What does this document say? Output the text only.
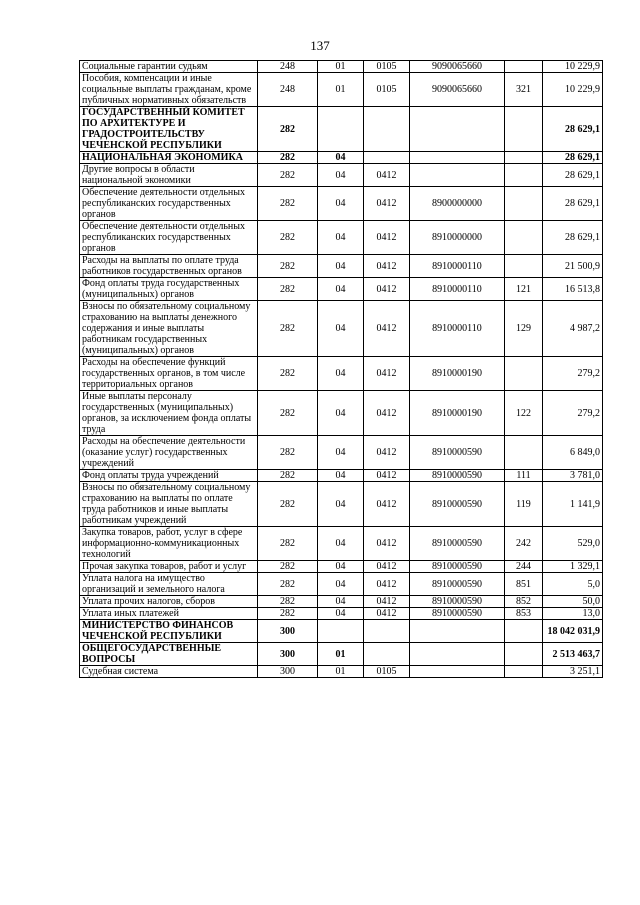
137
Социальные гарантии судьям	248	01	0105	9090065660		10 229,9
Пособия, компенсации и иные социальные выплаты гражданам, кроме публичных нормативных обязательств	248	01	0105	9090065660	321	10 229,9
ГОСУДАРСТВЕННЫЙ КОМИТЕТ ПО АРХИТЕКТУРЕ И ГРАДОСТРОИТЕЛЬСТВУ ЧЕЧЕНСКОЙ РЕСПУБЛИКИ	282					28 629,1
НАЦИОНАЛЬНАЯ ЭКОНОМИКА	282	04				28 629,1
Другие вопросы в области национальной экономики	282	04	0412			28 629,1
Обеспечение деятельности отдельных республиканских государственных органов	282	04	0412	8900000000		28 629,1
Обеспечение деятельности отдельных республиканских государственных органов	282	04	0412	8910000000		28 629,1
Расходы на выплаты по оплате труда работников государственных органов	282	04	0412	8910000110		21 500,9
Фонд оплаты труда государственных (муниципальных) органов	282	04	0412	8910000110	121	16 513,8
Взносы по обязательному социальному страхованию на выплаты денежного содержания и иные выплаты работникам государственных (муниципальных) органов	282	04	0412	8910000110	129	4 987,2
Расходы на обеспечение функций государственных органов, в том числе территориальных органов	282	04	0412	8910000190		279,2
Иные выплаты персоналу государственных (муниципальных) органов, за исключением фонда оплаты труда	282	04	0412	8910000190	122	279,2
Расходы на обеспечение деятельности (оказание услуг) государственных учреждений	282	04	0412	8910000590		6 849,0
Фонд оплаты труда учреждений	282	04	0412	8910000590	111	3 781,0
Взносы по обязательному социальному страхованию на выплаты по оплате труда работников и иные выплаты работникам учреждений	282	04	0412	8910000590	119	1 141,9
Закупка товаров, работ, услуг в сфере информационно-коммуникационных технологий	282	04	0412	8910000590	242	529,0
Прочая закупка товаров, работ и услуг	282	04	0412	8910000590	244	1 329,1
Уплата налога на имущество организаций и земельного налога	282	04	0412	8910000590	851	5,0
Уплата прочих налогов, сборов	282	04	0412	8910000590	852	50,0
Уплата иных платежей	282	04	0412	8910000590	853	13,0
МИНИСТЕРСТВО ФИНАНСОВ ЧЕЧЕНСКОЙ РЕСПУБЛИКИ	300					18 042 031,9
ОБЩЕГОСУДАРСТВЕННЫЕ ВОПРОСЫ	300	01				2 513 463,7
Судебная система	300	01	0105			3 251,1
